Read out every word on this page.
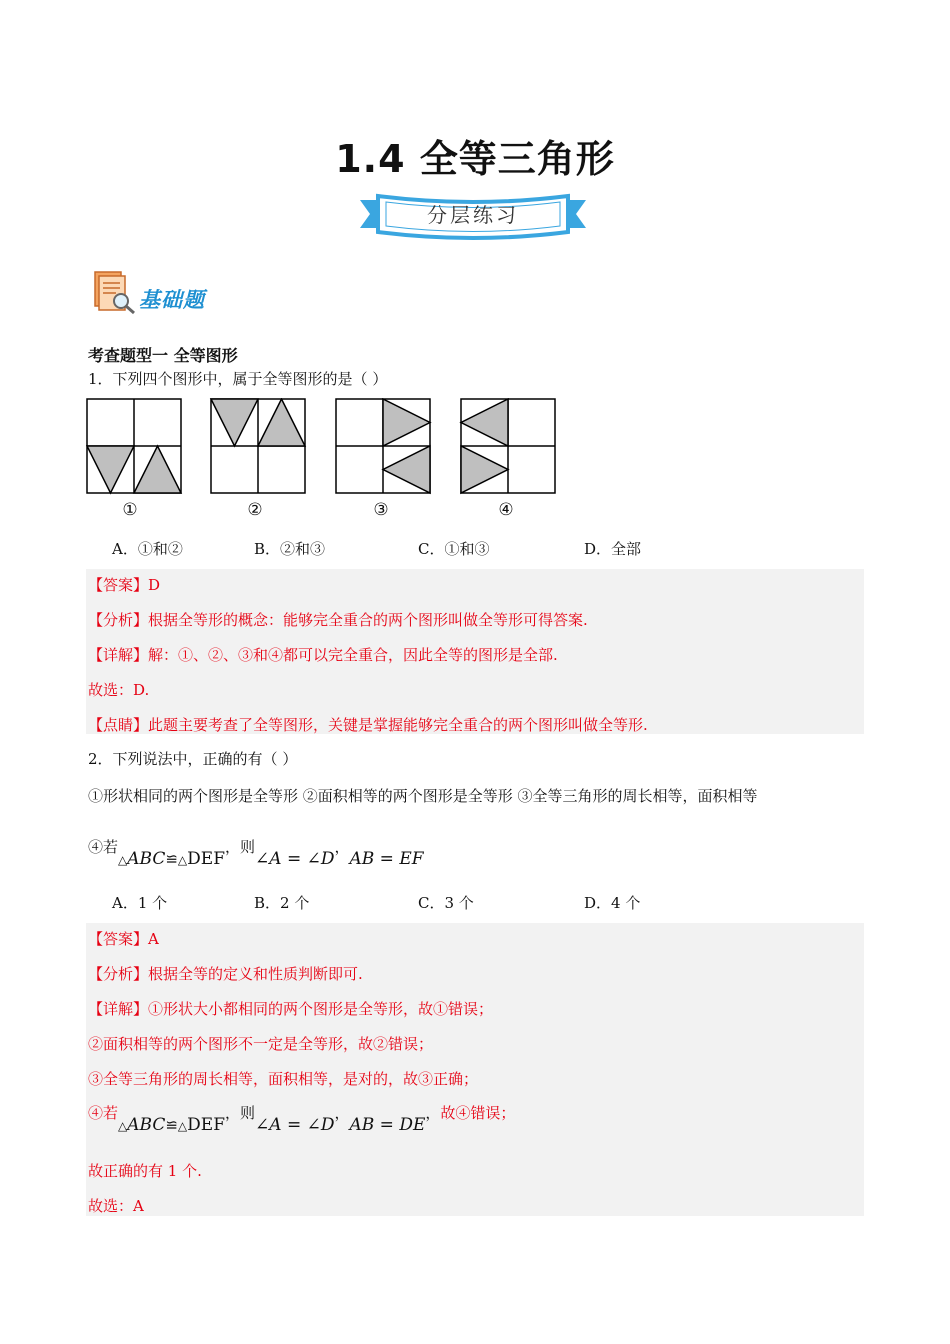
1.4 全等三角形
分层练习
基础题
考查题型一 全等图形
1．下列四个图形中，属于全等图形的是（ ）
①	②	③	④
A．①和②	B．②和③	C．①和③	D．全部
【答案】D
【分析】根据全等形的概念：能够完全重合的两个图形叫做全等形可得答案.
【详解】解：①、②、③和④都可以完全重合，因此全等的图形是全部.
故选：D.
【点睛】此题主要考查了全等图形，关键是掌握能够完全重合的两个图形叫做全等形.
2．下列说法中，正确的有（ ）
①形状相同的两个图形是全等形 ②面积相等的两个图形是全等形 ③全等三角形的周长相等，面积相等
④若△ABC≌△DEF，则∠A = ∠D，AB = EF
A．1 个	B．2 个	C．3 个	D．4 个
【答案】A
【分析】根据全等的定义和性质判断即可.
【详解】①形状大小都相同的两个图形是全等形，故①错误；
②面积相等的两个图形不一定是全等形，故②错误；
③全等三角形的周长相等，面积相等，是对的，故③正确；
④若△ABC≌△DEF，则∠A = ∠D，AB = DE，故④错误；
故正确的有 1 个.
故选：A
